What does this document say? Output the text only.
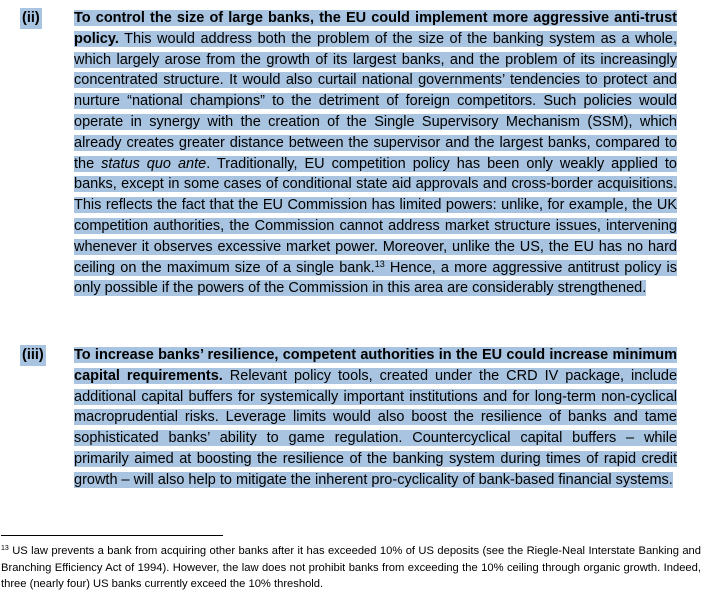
(ii) To control the size of large banks, the EU could implement more aggressive anti-trust policy. This would address both the problem of the size of the banking system as a whole, which largely arose from the growth of its largest banks, and the problem of its increasingly concentrated structure. It would also curtail national governments’ tendencies to protect and nurture “national champions” to the detriment of foreign competitors. Such policies would operate in synergy with the creation of the Single Supervisory Mechanism (SSM), which already creates greater distance between the supervisor and the largest banks, compared to the status quo ante. Traditionally, EU competition policy has been only weakly applied to banks, except in some cases of conditional state aid approvals and cross-border acquisitions. This reflects the fact that the EU Commission has limited powers: unlike, for example, the UK competition authorities, the Commission cannot address market structure issues, intervening whenever it observes excessive market power. Moreover, unlike the US, the EU has no hard ceiling on the maximum size of a single bank.$^{13}$ Hence, a more aggressive antitrust policy is only possible if the powers of the Commission in this area are considerably strengthened.
(iii) To increase banks’ resilience, competent authorities in the EU could increase minimum capital requirements. Relevant policy tools, created under the CRD IV package, include additional capital buffers for systemically important institutions and for long-term non-cyclical macroprudential risks. Leverage limits would also boost the resilience of banks and tame sophisticated banks’ ability to game regulation. Countercyclical capital buffers – while primarily aimed at boosting the resilience of the banking system during times of rapid credit growth – will also help to mitigate the inherent pro-cyclicality of bank-based financial systems.
$^{13}$ US law prevents a bank from acquiring other banks after it has exceeded 10% of US deposits (see the Riegle-Neal Interstate Banking and Branching Efficiency Act of 1994). However, the law does not prohibit banks from exceeding the 10% ceiling through organic growth. Indeed, three (nearly four) US banks currently exceed the 10% threshold.
